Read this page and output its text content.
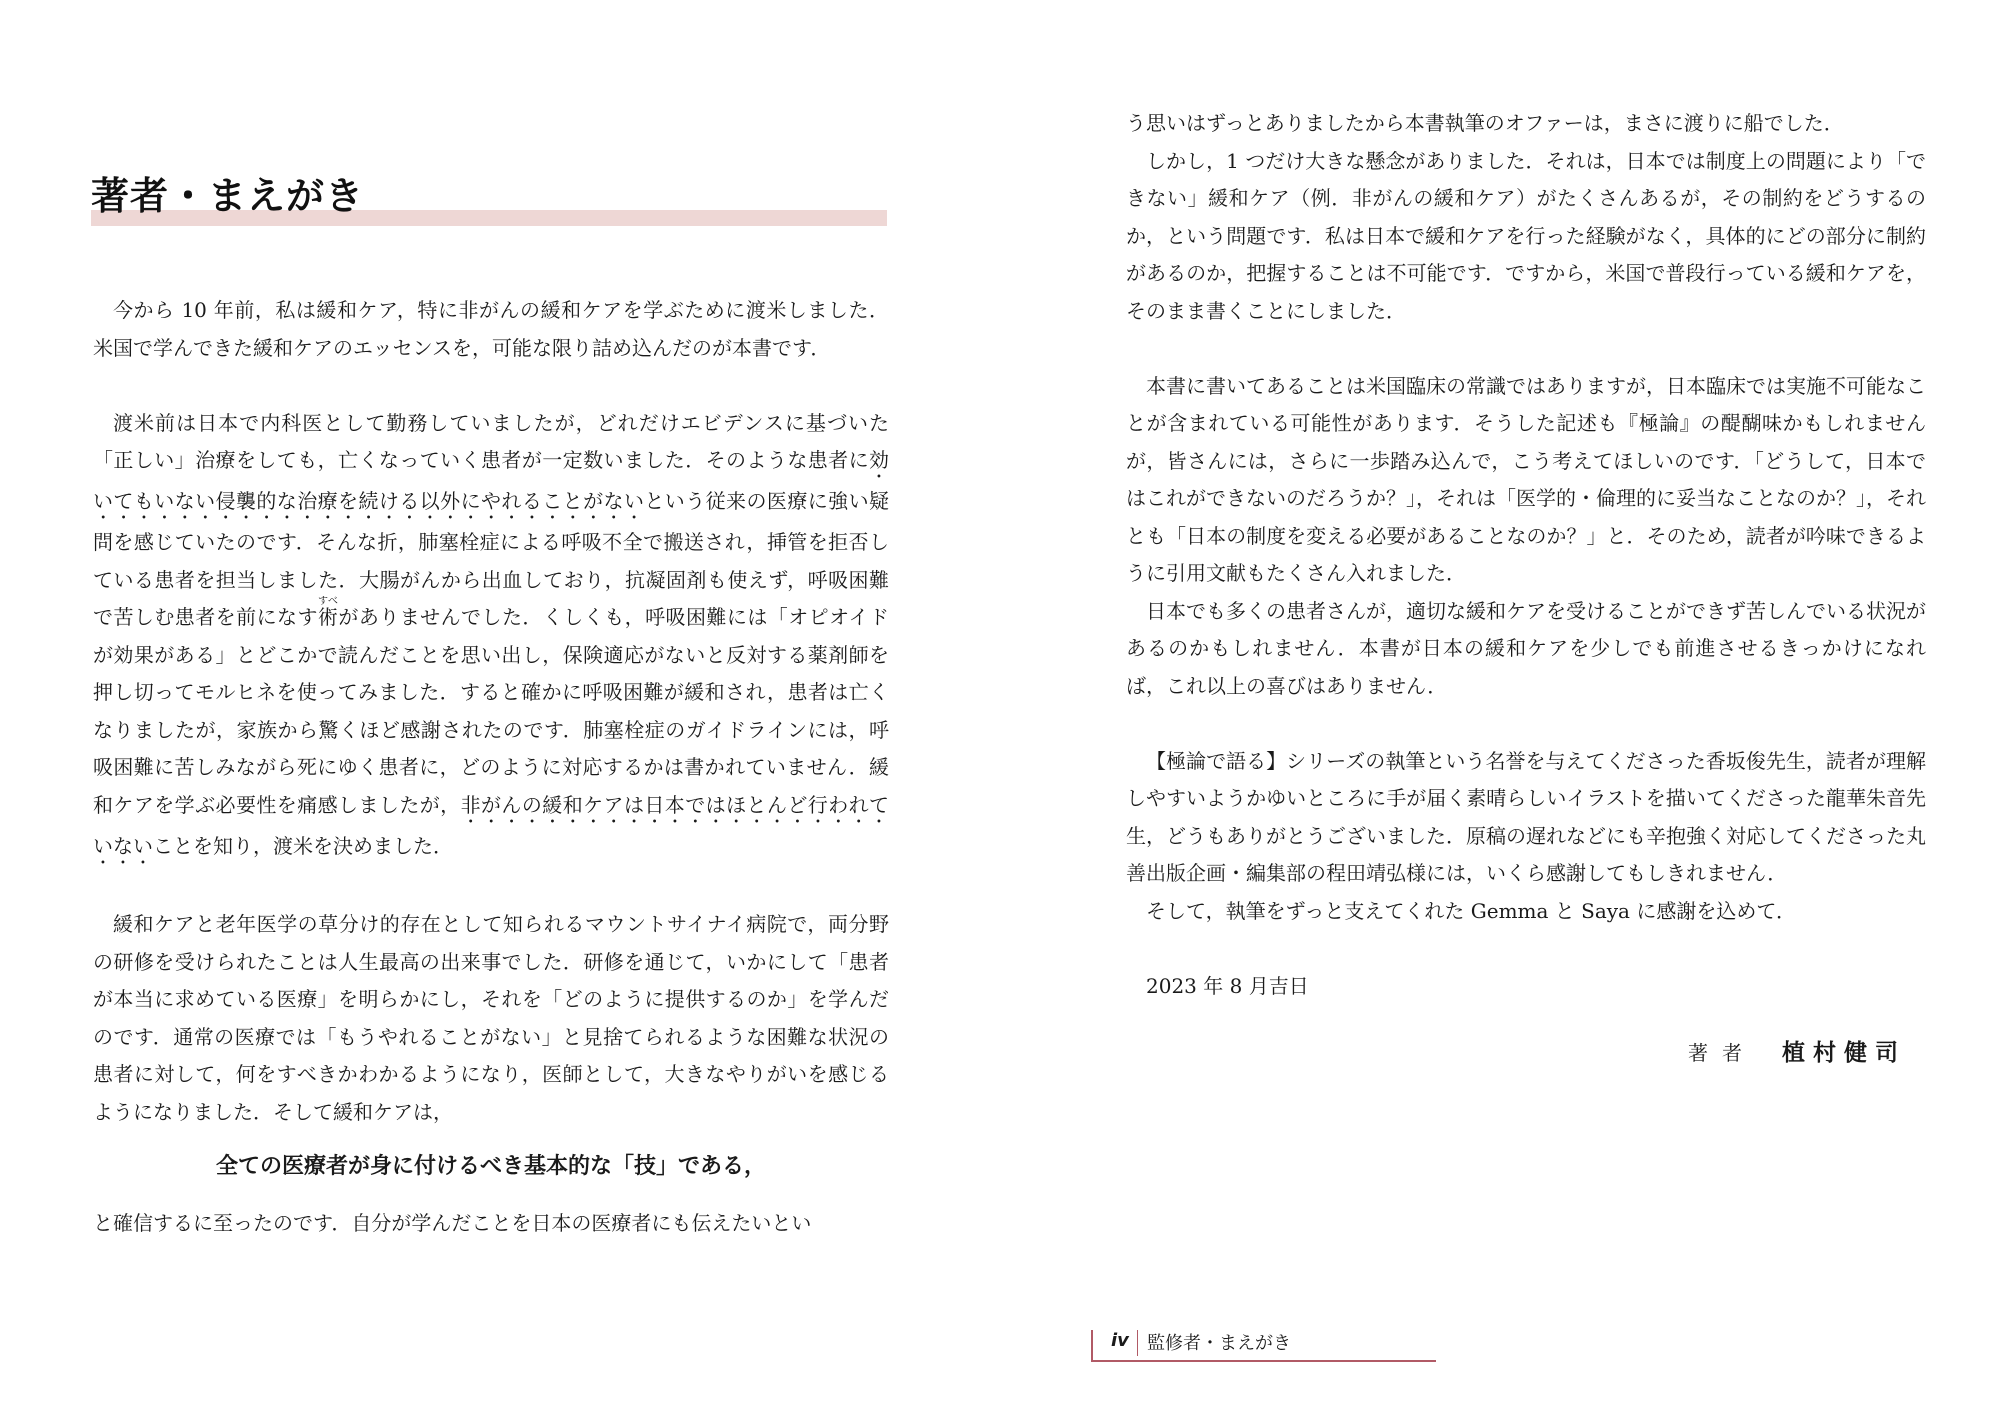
著者・まえがき

今から 10 年前，私は緩和ケア，特に非がんの緩和ケアを学ぶために渡米しました．米国で学んできた緩和ケアのエッセンスを，可能な限り詰め込んだのが本書です．

渡米前は日本で内科医として勤務していましたが，どれだけエビデンスに基づいた「正しい」治療をしても，亡くなっていく患者が一定数いました．そのような患者に効いてもいない侵襲的な治療を続ける以外にやれることがないという従来の医療に強い疑問を感じていたのです．そんな折，肺塞栓症による呼吸不全で搬送され，挿管を拒否している患者を担当しました．大腸がんから出血しており，抗凝固剤も使えず，呼吸困難で苦しむ患者を前になす術すべがありませんでした．くしくも，呼吸困難には「オピオイドが効果がある」とどこかで読んだことを思い出し，保険適応がないと反対する薬剤師を押し切ってモルヒネを使ってみました．すると確かに呼吸困難が緩和され，患者は亡くなりましたが，家族から驚くほど感謝されたのです．肺塞栓症のガイドラインには，呼吸困難に苦しみながら死にゆく患者に，どのように対応するかは書かれていません．緩和ケアを学ぶ必要性を痛感しましたが，非がんの緩和ケアは日本ではほとんど行われていないことを知り，渡米を決めました．

緩和ケアと老年医学の草分け的存在として知られるマウントサイナイ病院で，両分野の研修を受けられたことは人生最高の出来事でした．研修を通じて，いかにして「患者が本当に求めている医療」を明らかにし，それを「どのように提供するのか」を学んだのです．通常の医療では「もうやれることがない」と見捨てられるような困難な状況の患者に対して，何をすべきかわかるようになり，医師として，大きなやりがいを感じるようになりました．そして緩和ケアは，

全ての医療者が身に付けるべき基本的な「技」である，

と確信するに至ったのです．自分が学んだことを日本の医療者にも伝えたいとい

う思いはずっとありましたから本書執筆のオファーは，まさに渡りに船でした．

しかし，1 つだけ大きな懸念がありました．それは，日本では制度上の問題により「できない」緩和ケア（例．非がんの緩和ケア）がたくさんあるが，その制約をどうするのか，という問題です．私は日本で緩和ケアを行った経験がなく，具体的にどの部分に制約があるのか，把握することは不可能です．ですから，米国で普段行っている緩和ケアを，そのまま書くことにしました．

本書に書いてあることは米国臨床の常識ではありますが，日本臨床では実施不可能なことが含まれている可能性があります．そうした記述も『極論』の醍醐味かもしれませんが，皆さんには，さらに一歩踏み込んで，こう考えてほしいのです．「どうして，日本ではこれができないのだろうか？」，それは「医学的・倫理的に妥当なことなのか？」，それとも「日本の制度を変える必要があることなのか？」と．そのため，読者が吟味できるように引用文献もたくさん入れました．

日本でも多くの患者さんが，適切な緩和ケアを受けることができず苦しんでいる状況があるのかもしれません．本書が日本の緩和ケアを少しでも前進させるきっかけになれば，これ以上の喜びはありません．

【極論で語る】シリーズの執筆という名誉を与えてくださった香坂俊先生，読者が理解しやすいようかゆいところに手が届く素晴らしいイラストを描いてくださった龍華朱音先生，どうもありがとうございました．原稿の遅れなどにも辛抱強く対応してくださった丸善出版企画・編集部の程田靖弘様には，いくら感謝してもしきれません．

そして，執筆をずっと支えてくれた Gemma と Saya に感謝を込めて．

2023 年 8 月吉日

著者 植村健司
iv 監修者・まえがき
